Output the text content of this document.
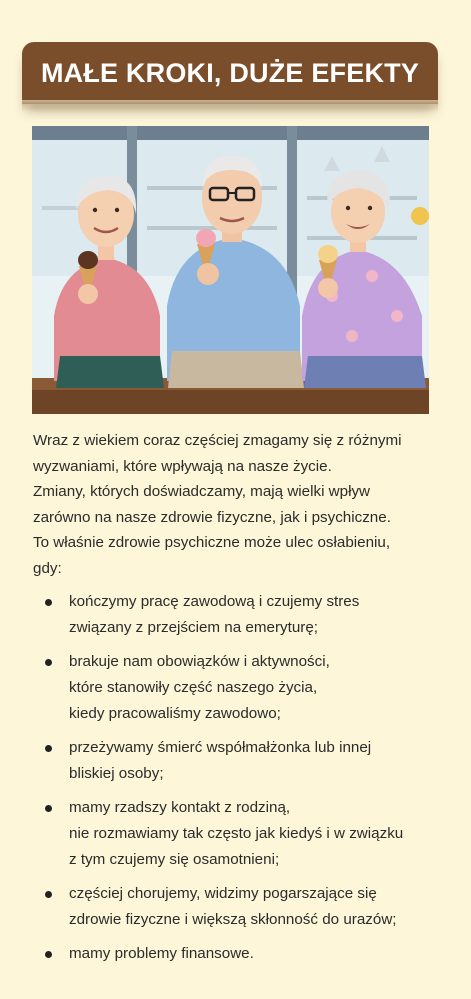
MAŁE KROKI, DUŻE EFEKTY

Wraz z wiekiem coraz częściej zmagamy się z różnymi

wyzwaniami, które wpływają na nasze życie.

Zmiany, których doświadczamy, mają wielki wpływ

zarówno na nasze zdrowie fizyczne, jak i psychiczne.

To właśnie zdrowie psychiczne może ulec osłabieniu,

gdy:

kończymy pracę zawodową i czujemy stres
związany z przejściem na emeryturę;
brakuje nam obowiązków i aktywności,
które stanowiły część naszego życia,
kiedy pracowaliśmy zawodowo;
przeżywamy śmierć współmałżonka lub innej
bliskiej osoby;
mamy rzadszy kontakt z rodziną,
nie rozmawiamy tak często jak kiedyś i w związku
z tym czujemy się osamotnieni;
częściej chorujemy, widzimy pogarszające się
zdrowie fizyczne i większą skłonność do urazów;
mamy problemy finansowe.
